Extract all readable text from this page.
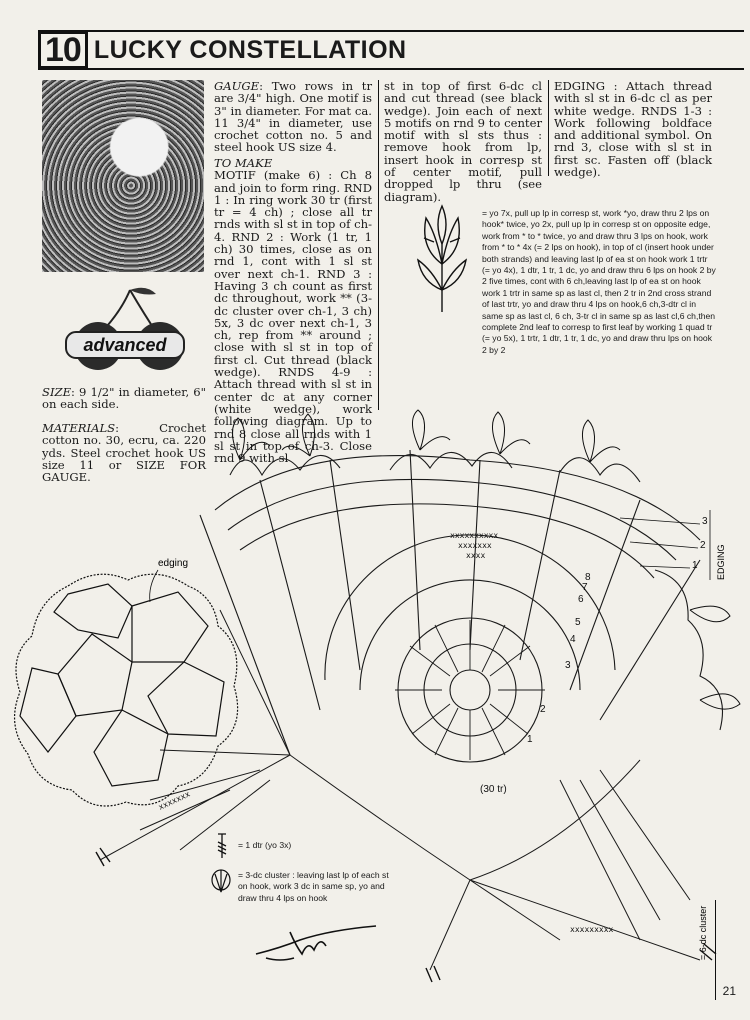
10 LUCKY CONSTELLATION
advanced
SIZE: 9 1/2" in diameter, 6" on each side.
MATERIALS: Crochet cotton no. 30, ecru, ca. 220 yds. Steel crochet hook US size 11 or SIZE FOR GAUGE.
GAUGE: Two rows in tr are 3/4" high. One motif is 3" in diameter. For mat ca. 11 3/4" in diameter, use crochet cotton no. 5 and steel hook US size 4.
TO MAKE
MOTIF (make 6) : Ch 8 and join to form ring. RND 1 : In ring work 30 tr (first tr = 4 ch) ; close all tr rnds with sl st in top of ch-4. RND 2 : Work (1 tr, 1 ch) 30 times, close as on rnd 1, cont with 1 sl st over next ch-1. RND 3 : Having 3 ch count as first dc throughout, work ** (3-dc cluster over ch-1, 3 ch) 5x, 3 dc over next ch-1, 3 ch, rep from ** around ; close with sl st in top of first cl. Cut thread (black wedge). RNDS 4-9 : Attach thread with sl st in center dc at any corner (white wedge), work following diagram. Up to rnd 8 close all rnds with 1 sl st in top of ch-3. Close rnd 9 with sl
st in top of first 6-dc cl and cut thread (see black wedge). Join each of next 5 motifs on rnd 9 to center motif with sl sts thus : remove hook from lp, insert hook in corresp st of center motif, pull dropped lp thru (see diagram).
EDGING : Attach thread with sl st in 6-dc cl as per white wedge. RNDS 1-3 : Work following boldface and additional symbol. On rnd 3, close with sl st in first sc. Fasten off (black wedge).
= yo 7x, pull up lp in corresp st, work *yo, draw thru 2 lps on hook* twice, yo 2x, pull up lp in corresp st on opposite edge, work from * to * twice, yo and draw thru 3 lps on hook, work from * to * 4x (= 2 lps on hook), in top of cl (insert hook under both strands) and leaving last lp of ea st on hook work 1 trtr (= yo 4x), 1 dtr, 1 tr, 1 dc, yo and draw thru 6 lps on hook 2 by 2 five times, cont with 6 ch,leaving last lp of ea st on hook work 1 trtr in same sp as last cl, then 2 tr in 2nd cross strand of last trtr, yo and draw thru 4 lps on hook,6 ch,3-dtr cl in same sp as last cl, 6 ch, 3-tr cl in same sp as last cl,6 ch,then complete 2nd leaf to corresp to first leaf by working 1 quad tr (= yo 5x), 1 trtr, 1 dtr, 1 tr, 1 dc, yo and draw thru lps on hook 2 by 2
xxxxxxxxxx
xxxxxxx
xxxx
xxxxxxxxx
xxxxxxx
1
2
3
4
5
6
7
8
1
2
3
(30 tr)
EDGING
= 6-dc cluster
edging
= 1 dtr (yo 3x)
= 3-dc cluster : leaving last lp of each st on hook, work 3 dc in same sp, yo and draw thru 4 lps on hook
21
